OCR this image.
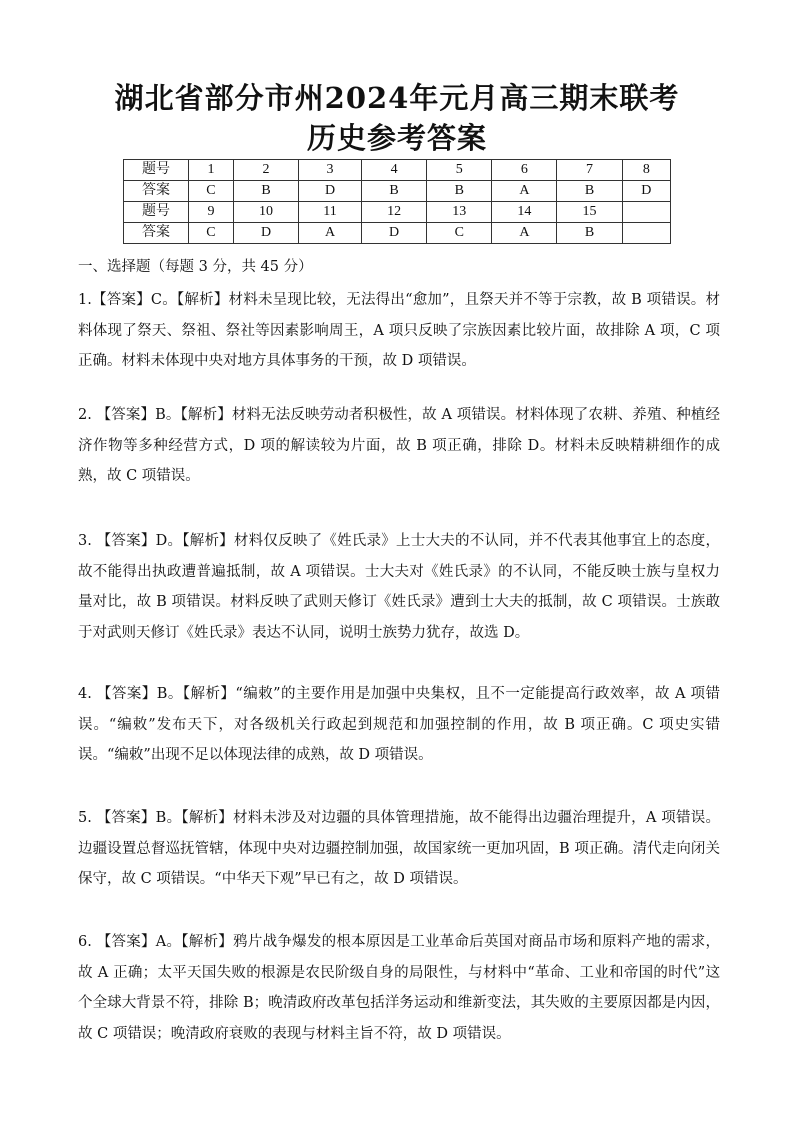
湖北省部分市州2024年元月高三期末联考
历史参考答案
题号	1	2	3	4	5	6	7	8
答案	C	B	D	B	B	A	B	D
题号	9	10	11	12	13	14	15	
答案	C	D	A	D	C	A	B	
一、选择题（每题 3 分，共 45 分）
1.【答案】C。【解析】材料未呈现比较，无法得出“愈加”，且祭天并不等于宗教，故 B 项错误。材料体现了祭天、祭祖、祭社等因素影响周王，A 项只反映了宗族因素比较片面，故排除 A 项，C 项正确。材料未体现中央对地方具体事务的干预，故 D 项错误。
2. 【答案】B。【解析】材料无法反映劳动者积极性，故 A 项错误。材料体现了农耕、养殖、种植经济作物等多种经营方式，D 项的解读较为片面，故 B 项正确，排除 D。材料未反映精耕细作的成熟，故 C 项错误。
3. 【答案】D。【解析】材料仅反映了《姓氏录》上士大夫的不认同，并不代表其他事宜上的态度，故不能得出执政遭普遍抵制，故 A 项错误。士大夫对《姓氏录》的不认同，不能反映士族与皇权力量对比，故 B 项错误。材料反映了武则天修订《姓氏录》遭到士大夫的抵制，故 C 项错误。士族敢于对武则天修订《姓氏录》表达不认同，说明士族势力犹存，故选 D。
4. 【答案】B。【解析】“编敕”的主要作用是加强中央集权，且不一定能提高行政效率，故 A 项错误。“编敕”发布天下，对各级机关行政起到规范和加强控制的作用，故 B 项正确。C 项史实错误。“编敕”出现不足以体现法律的成熟，故 D 项错误。
5. 【答案】B。【解析】材料未涉及对边疆的具体管理措施，故不能得出边疆治理提升，A 项错误。边疆设置总督巡抚管辖，体现中央对边疆控制加强，故国家统一更加巩固，B 项正确。清代走向闭关保守，故 C 项错误。“中华天下观”早已有之，故 D 项错误。
6. 【答案】A。【解析】鸦片战争爆发的根本原因是工业革命后英国对商品市场和原料产地的需求，故 A 正确；太平天国失败的根源是农民阶级自身的局限性，与材料中“革命、工业和帝国的时代”这个全球大背景不符，排除 B；晚清政府改革包括洋务运动和维新变法，其失败的主要原因都是内因，故 C 项错误；晚清政府衰败的表现与材料主旨不符，故 D 项错误。
